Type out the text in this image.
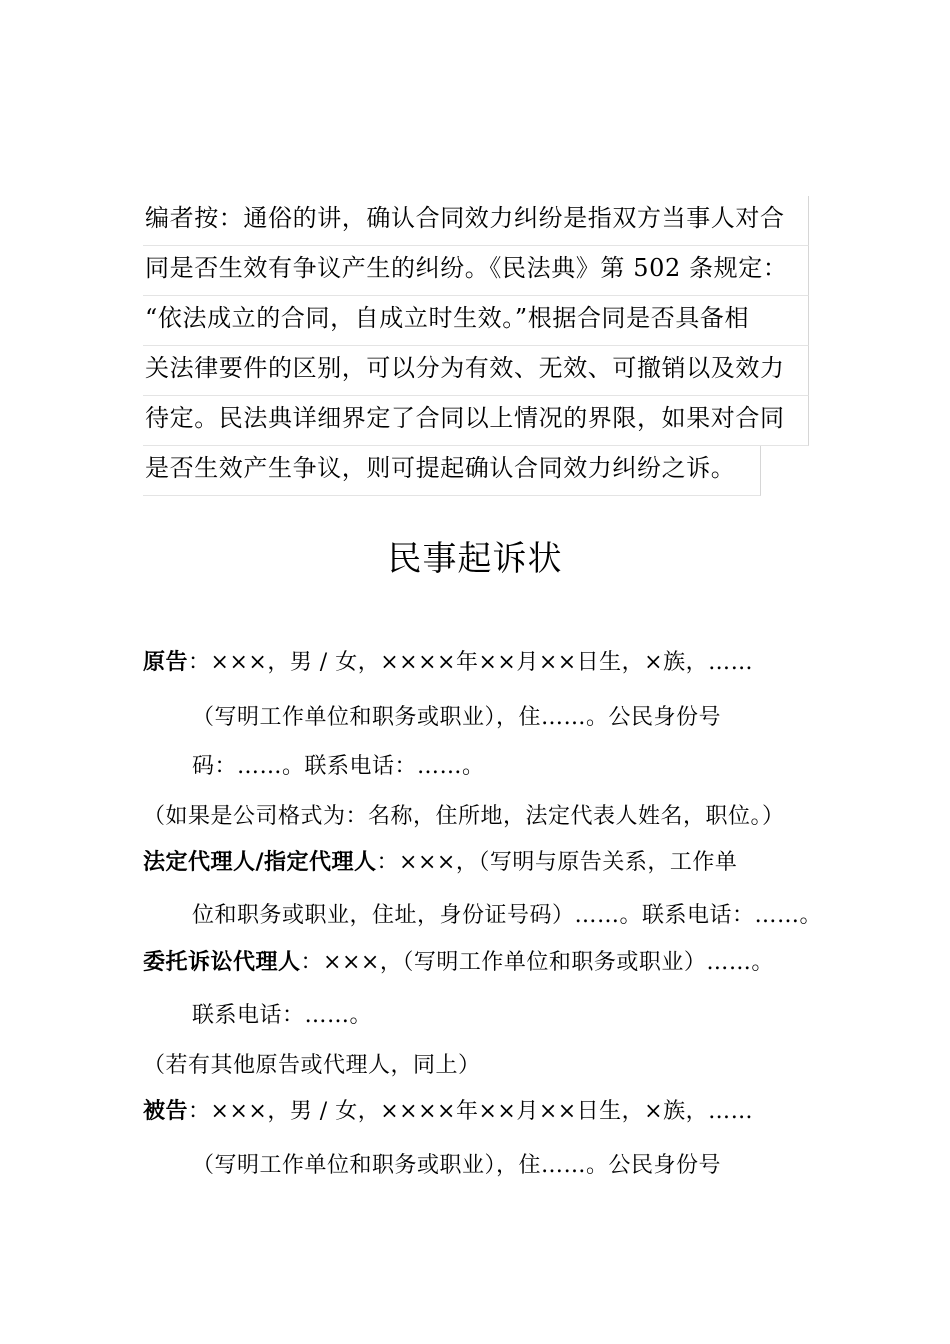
编者按：通俗的讲，确认合同效力纠纷是指双方当事人对合
同是否生效有争议产生的纠纷。《民法典》第 502 条规定：
“依法成立的合同，自成立时生效。”根据合同是否具备相
关法律要件的区别，可以分为有效、无效、可撤销以及效力
待定。民法典详细界定了合同以上情况的界限，如果对合同
是否生效产生争议，则可提起确认合同效力纠纷之诉。
民事起诉状
原告：×××，男 / 女，××××年××月××日生，×族，……
（写明工作单位和职务或职业），住……。公民身份号
码：……。联系电话：……。
（如果是公司格式为：名称，住所地，法定代表人姓名，职位。）
法定代理人/指定代理人：×××，（写明与原告关系，工作单
位和职务或职业，住址，身份证号码）……。联系电话：……。
委托诉讼代理人：×××，（写明工作单位和职务或职业）……。
联系电话：……。
（若有其他原告或代理人，同上）
被告：×××，男 / 女，××××年××月××日生，×族，……
（写明工作单位和职务或职业），住……。公民身份号
